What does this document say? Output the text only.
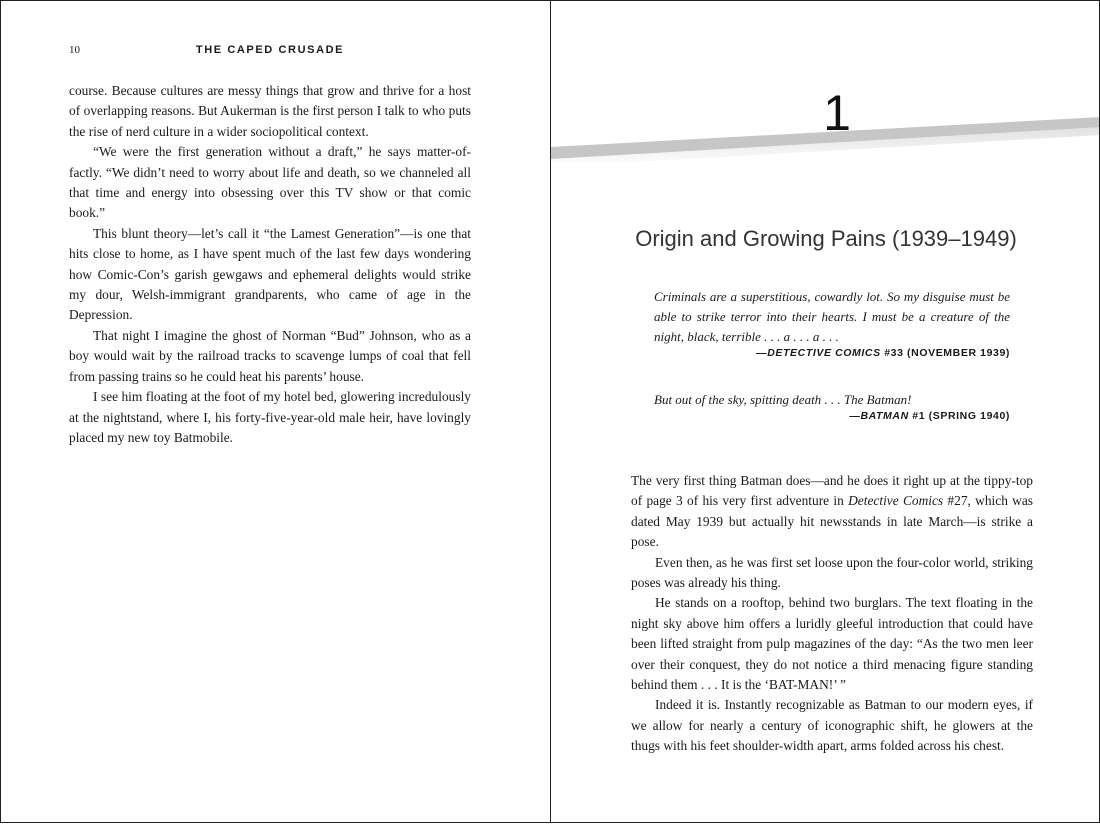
10	THE CAPED CRUSADE

course. Because cultures are messy things that grow and thrive for a host of overlapping reasons. But Aukerman is the first person I talk to who puts the rise of nerd culture in a wider sociopolitical context.

“We were the first generation without a draft,” he says matter-of-factly. “We didn’t need to worry about life and death, so we channeled all that time and energy into obsessing over this TV show or that comic book.”

This blunt theory—let’s call it “the Lamest Generation”—is one that hits close to home, as I have spent much of the last few days wondering how Comic-Con’s garish gewgaws and ephemeral delights would strike my dour, Welsh-immigrant grandparents, who came of age in the Depression.

That night I imagine the ghost of Norman “Bud” Johnson, who as a boy would wait by the railroad tracks to scavenge lumps of coal that fell from passing trains so he could heat his parents’ house.

I see him floating at the foot of my hotel bed, glowering incredulously at the nightstand, where I, his forty-five-year-old male heir, have lovingly placed my new toy Batmobile.

1
Origin and Growing Pains (1939–1949)
Criminals are a superstitious, cowardly lot. So my disguise must be able to strike terror into their hearts. I must be a creature of the night, black, terrible . . . a . . . a . . .
—DETECTIVE COMICS #33 (NOVEMBER 1939)
But out of the sky, spitting death . . . The Batman!
—BATMAN #1 (SPRING 1940)

The very first thing Batman does—and he does it right up at the tippy-top of page 3 of his very first adventure in Detective Comics #27, which was dated May 1939 but actually hit newsstands in late March—is strike a pose.

Even then, as he was first set loose upon the four-color world, striking poses was already his thing.

He stands on a rooftop, behind two burglars. The text floating in the night sky above him offers a luridly gleeful introduction that could have been lifted straight from pulp magazines of the day: “As the two men leer over their conquest, they do not notice a third menacing figure standing behind them . . . It is the ‘BAT-MAN!’ ”

Indeed it is. Instantly recognizable as Batman to our modern eyes, if we allow for nearly a century of iconographic shift, he glowers at the thugs with his feet shoulder-width apart, arms folded across his chest.
